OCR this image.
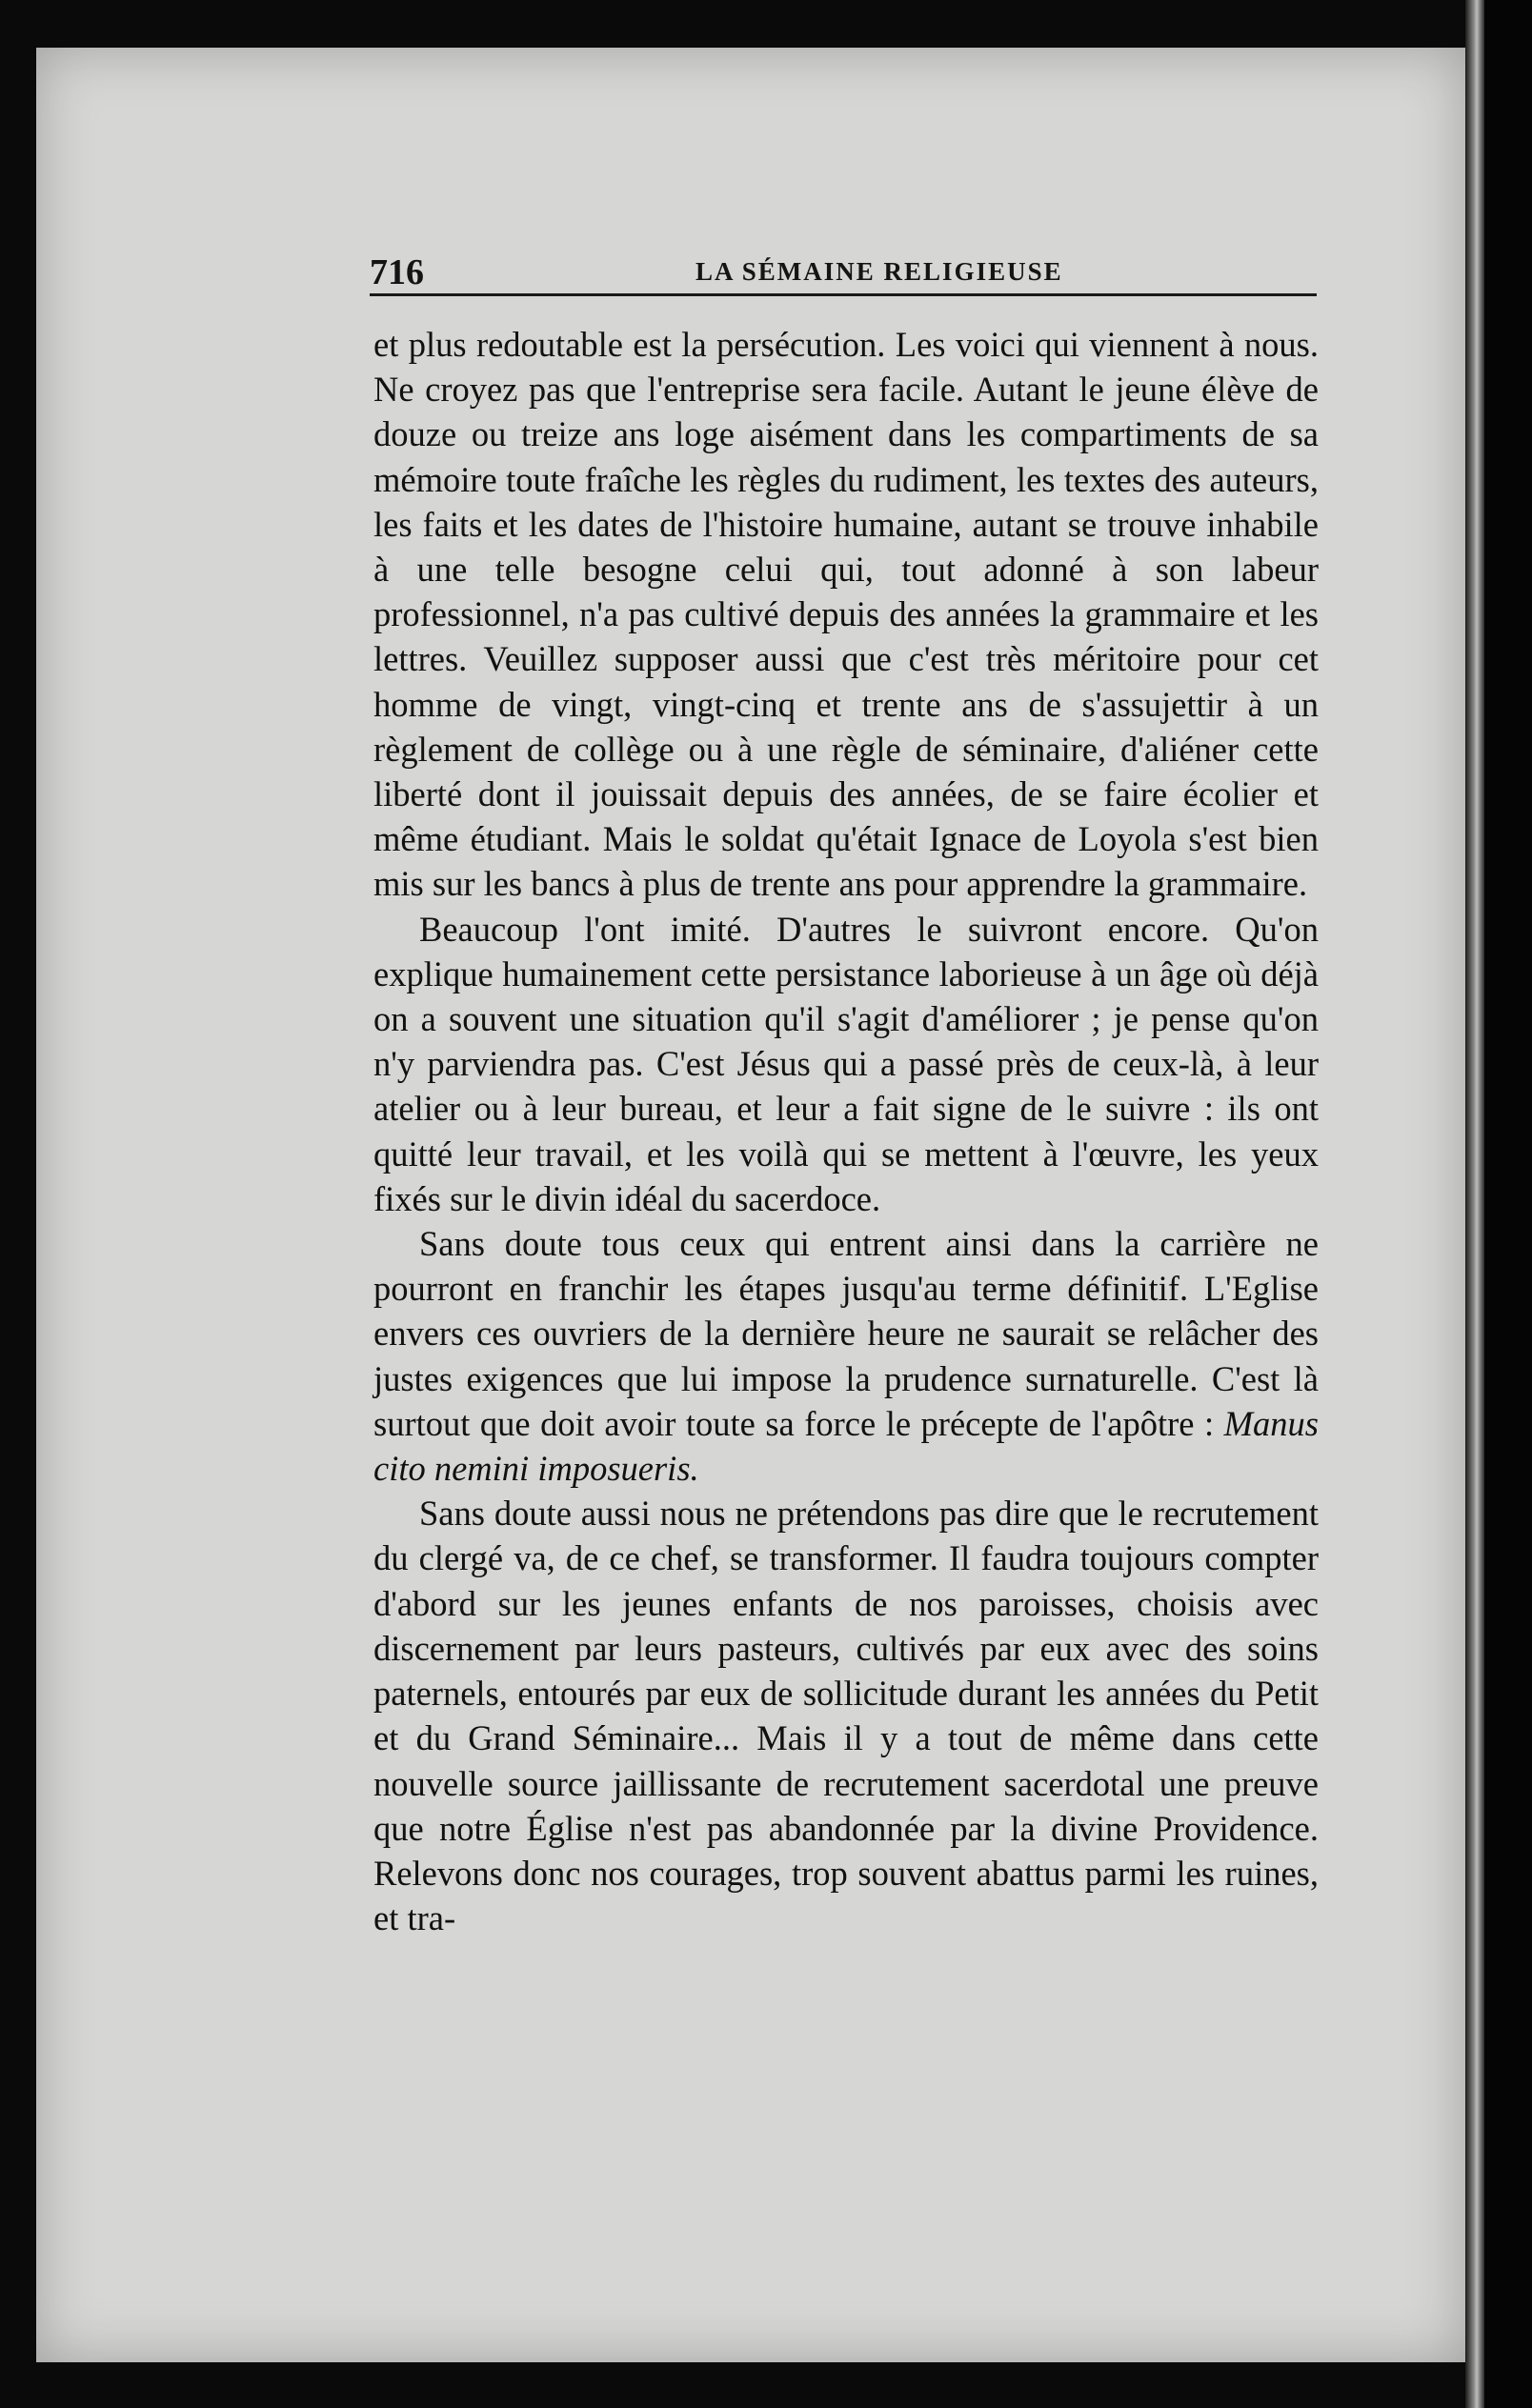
716	LA SÉMAINE RELIGIEUSE

et plus redoutable est la persécution. Les voici qui viennent à nous. Ne croyez pas que l'entreprise sera facile. Autant le jeune élève de douze ou treize ans loge aisément dans les compartiments de sa mémoire toute fraîche les règles du rudiment, les textes des auteurs, les faits et les dates de l'histoire humaine, autant se trouve inhabile à une telle besogne celui qui, tout adonné à son labeur professionnel, n'a pas cultivé depuis des années la grammaire et les lettres. Veuillez supposer aussi que c'est très méritoire pour cet homme de vingt, vingt-cinq et trente ans de s'assujettir à un règlement de collège ou à une règle de séminaire, d'aliéner cette liberté dont il jouissait depuis des années, de se faire écolier et même étudiant. Mais le soldat qu'était Ignace de Loyola s'est bien mis sur les bancs à plus de trente ans pour apprendre la grammaire.

Beaucoup l'ont imité. D'autres le suivront encore. Qu'on explique humainement cette persistance laborieuse à un âge où déjà on a souvent une situation qu'il s'agit d'améliorer ; je pense qu'on n'y parviendra pas. C'est Jésus qui a passé près de ceux-là, à leur atelier ou à leur bureau, et leur a fait signe de le suivre : ils ont quitté leur travail, et les voilà qui se mettent à l'œuvre, les yeux fixés sur le divin idéal du sacerdoce.

Sans doute tous ceux qui entrent ainsi dans la carrière ne pourront en franchir les étapes jusqu'au terme définitif. L'Eglise envers ces ouvriers de la dernière heure ne saurait se relâcher des justes exigences que lui impose la prudence surnaturelle. C'est là surtout que doit avoir toute sa force le précepte de l'apôtre : Manus cito nemini imposueris.

Sans doute aussi nous ne prétendons pas dire que le recrutement du clergé va, de ce chef, se transformer. Il faudra toujours compter d'abord sur les jeunes enfants de nos paroisses, choisis avec discernement par leurs pasteurs, cultivés par eux avec des soins paternels, entourés par eux de sollicitude durant les années du Petit et du Grand Séminaire... Mais il y a tout de même dans cette nouvelle source jaillissante de recrutement sacerdotal une preuve que notre Église n'est pas abandonnée par la divine Providence. Relevons donc nos courages, trop souvent abattus parmi les ruines, et tra-
